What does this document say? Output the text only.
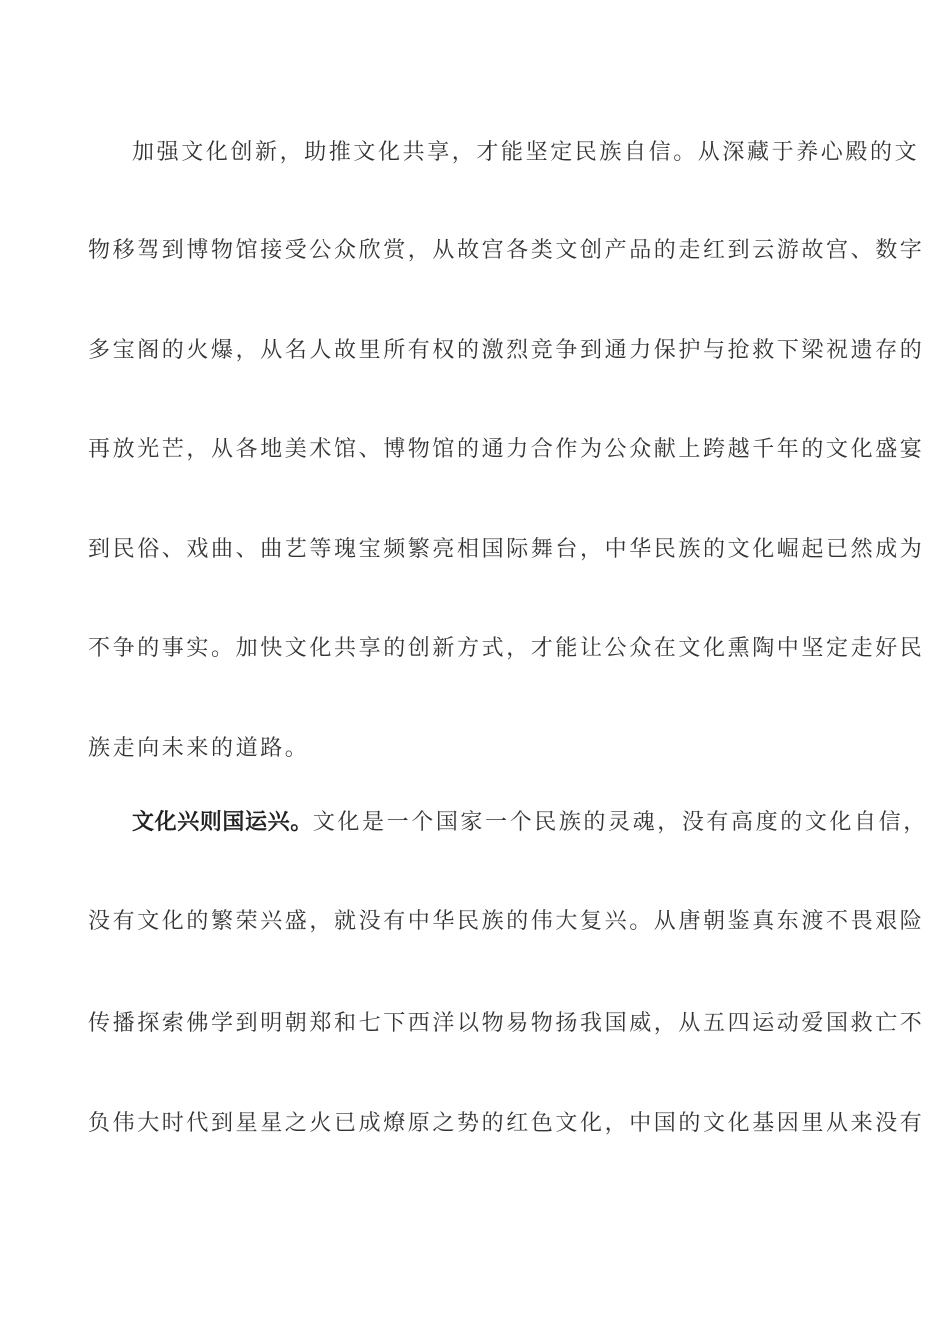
加强文化创新，助推文化共享，才能坚定民族自信。从深藏于养心殿的文
物移驾到博物馆接受公众欣赏，从故宫各类文创产品的走红到云游故宫、数字
多宝阁的火爆，从名人故里所有权的激烈竞争到通力保护与抢救下梁祝遗存的
再放光芒，从各地美术馆、博物馆的通力合作为公众献上跨越千年的文化盛宴
到民俗、戏曲、曲艺等瑰宝频繁亮相国际舞台，中华民族的文化崛起已然成为
不争的事实。加快文化共享的创新方式，才能让公众在文化熏陶中坚定走好民
族走向未来的道路。
文化兴则国运兴。文化是一个国家一个民族的灵魂，没有高度的文化自信，
没有文化的繁荣兴盛，就没有中华民族的伟大复兴。从唐朝鉴真东渡不畏艰险
传播探索佛学到明朝郑和七下西洋以物易物扬我国威，从五四运动爱国救亡不
负伟大时代到星星之火已成燎原之势的红色文化，中国的文化基因里从来没有
